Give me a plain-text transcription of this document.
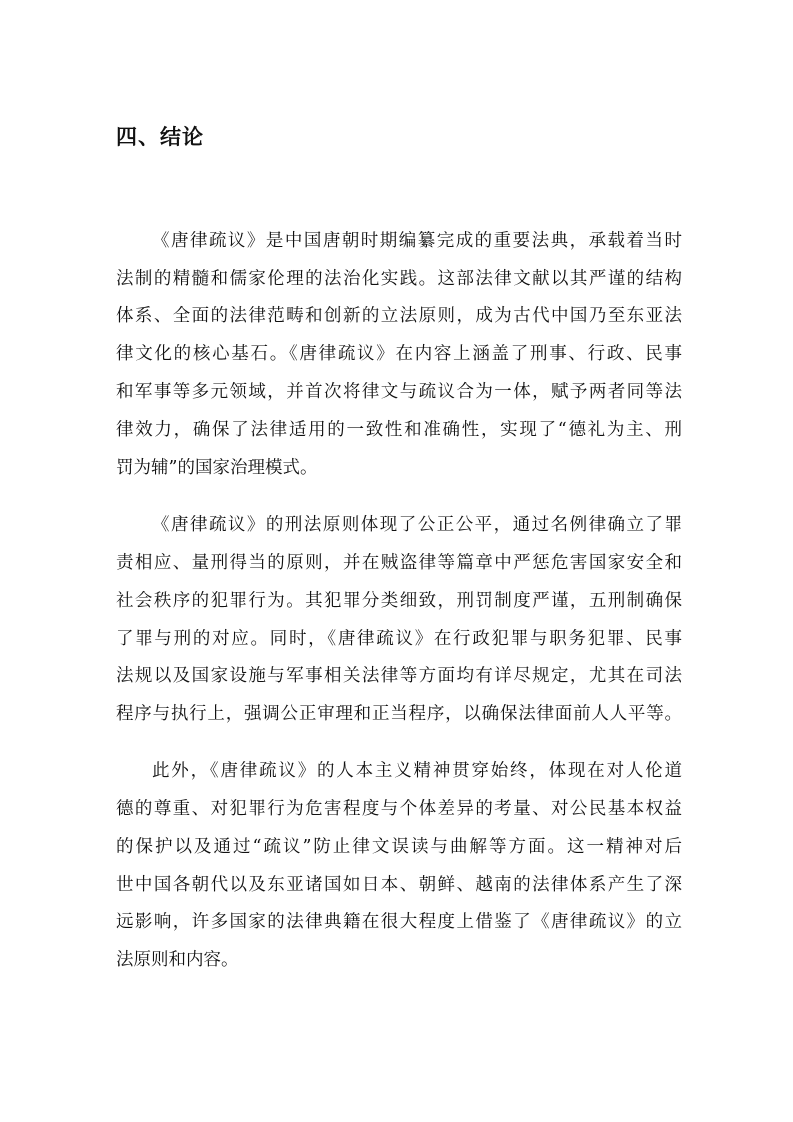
四、结论

《唐律疏议》是中国唐朝时期编纂完成的重要法典，承载着当时

法制的精髓和儒家伦理的法治化实践。这部法律文献以其严谨的结构

体系、全面的法律范畴和创新的立法原则，成为古代中国乃至东亚法

律文化的核心基石。《唐律疏议》在内容上涵盖了刑事、行政、民事

和军事等多元领域，并首次将律文与疏议合为一体，赋予两者同等法

律效力，确保了法律适用的一致性和准确性，实现了“德礼为主、刑

罚为辅”的国家治理模式。

《唐律疏议》的刑法原则体现了公正公平，通过名例律确立了罪

责相应、量刑得当的原则，并在贼盗律等篇章中严惩危害国家安全和

社会秩序的犯罪行为。其犯罪分类细致，刑罚制度严谨，五刑制确保

了罪与刑的对应。同时，《唐律疏议》在行政犯罪与职务犯罪、民事

法规以及国家设施与军事相关法律等方面均有详尽规定，尤其在司法

程序与执行上，强调公正审理和正当程序，以确保法律面前人人平等。

此外，《唐律疏议》的人本主义精神贯穿始终，体现在对人伦道

德的尊重、对犯罪行为危害程度与个体差异的考量、对公民基本权益

的保护以及通过“疏议”防止律文误读与曲解等方面。这一精神对后

世中国各朝代以及东亚诸国如日本、朝鲜、越南的法律体系产生了深

远影响，许多国家的法律典籍在很大程度上借鉴了《唐律疏议》的立

法原则和内容。
